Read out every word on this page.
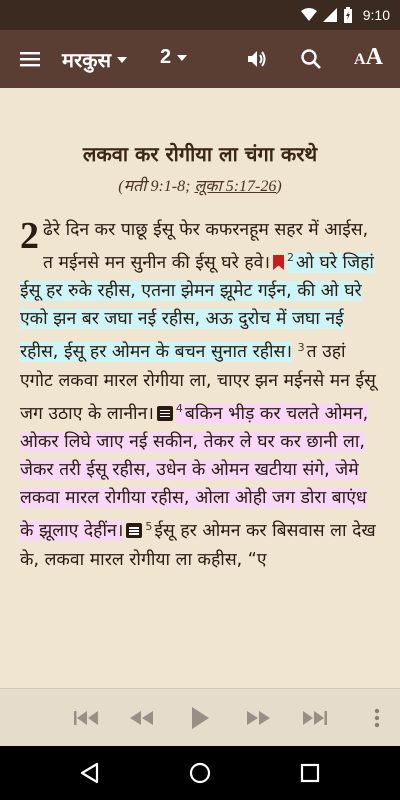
9:10
मरकुस 2	AA
लकवा कर रोगीया ला चंगा करथे
(मती 9:1-8; लूका 5:17-26)
2 ढेरे दिन कर पाछू ईसू फेर कफरनहूम सहर में आईस, त मईनसे मन सुनीन की ईसू घरे हवे। $^2$ ओ घरे जिहां ईसू हर रुके रहीस, एतना झेमन झूमेट गईन, की ओ घरे एको झन बर जघा नई रहीस, अऊ दुरोच में जघा नई रहीस, ईसू हर ओमन के बचन सुनात रहीस। $^3$ त उहां एगोट लकवा मारल रोगीया ला, चाएर झन मईनसे मन ईसू जग उठाए के लानीन। $^4$ बकिन भीड़ कर चलते ओमन, ओकर लिघे जाए नई सकीन, तेकर ले घर कर छानी ला, जेकर तरी ईसू रहीस, उधेन के ओमन खटीया संगे, जेमे लकवा मारल रोगीया रहीस, ओला ओही जग डोरा बाएंध के झूलाए देहींन। $^5$ ईसू हर ओमन कर बिसवास ला देख के, लकवा मारल रोगीया ला कहीस, “ए
